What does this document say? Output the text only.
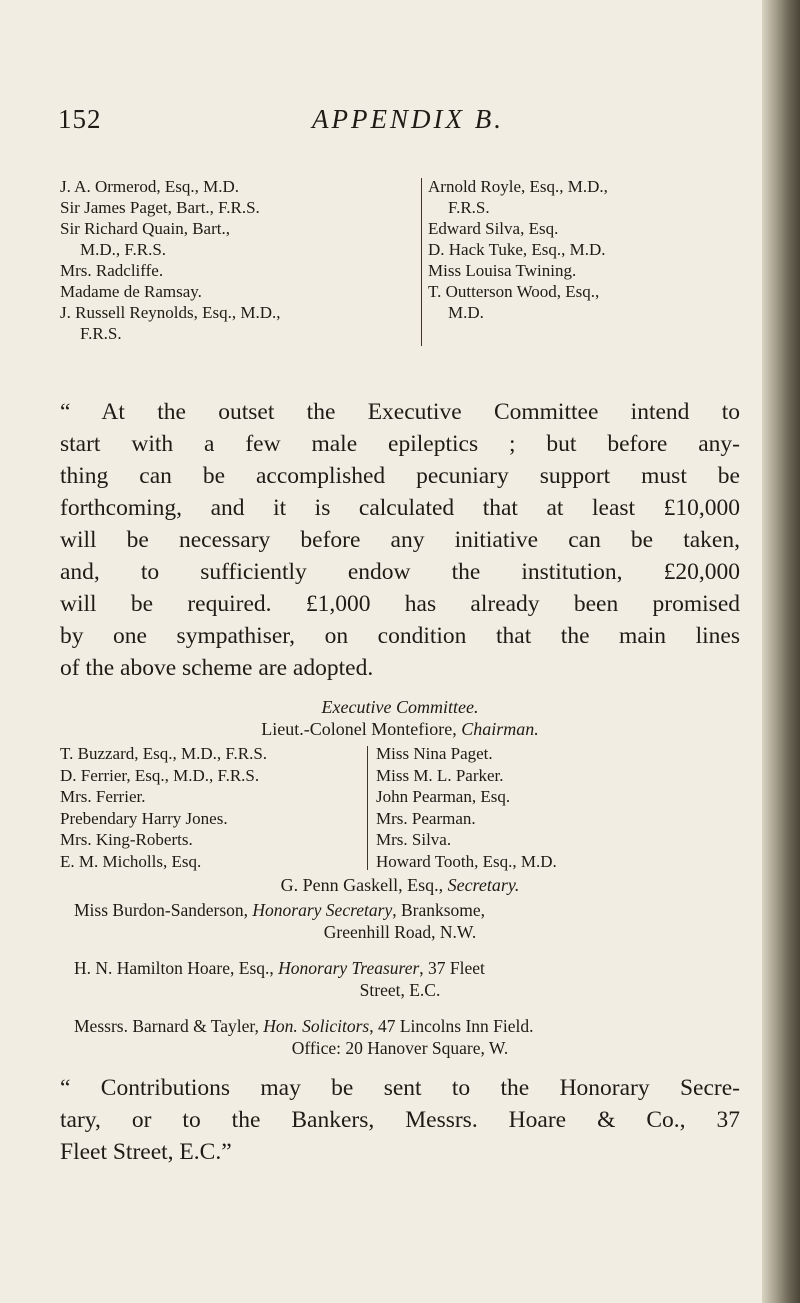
152	APPENDIX B.
J. A. Ormerod, Esq., M.D.
Sir James Paget, Bart., F.R.S.
Sir Richard Quain, Bart.,
M.D., F.R.S.
Mrs. Radcliffe.
Madame de Ramsay.
J. Russell Reynolds, Esq., M.D.,
F.R.S.
Arnold Royle, Esq., M.D.,
F.R.S.
Edward Silva, Esq.
D. Hack Tuke, Esq., M.D.
Miss Louisa Twining.
T. Outterson Wood, Esq.,
M.D.
“ At the outset the Executive Committee intend to
start with a few male epileptics ; but before any-
thing can be accomplished pecuniary support must be
forthcoming, and it is calculated that at least £10,000
will be necessary before any initiative can be taken,
and, to sufficiently endow the institution, £20,000
will be required. £1,000 has already been promised
by one sympathiser, on condition that the main lines
of the above scheme are adopted.
Executive Committee.
Lieut.-Colonel Montefiore, Chairman.
T. Buzzard, Esq., M.D., F.R.S.
D. Ferrier, Esq., M.D., F.R.S.
Mrs. Ferrier.
Prebendary Harry Jones.
Mrs. King-Roberts.
E. M. Micholls, Esq.
Miss Nina Paget.
Miss M. L. Parker.
John Pearman, Esq.
Mrs. Pearman.
Mrs. Silva.
Howard Tooth, Esq., M.D.
G. Penn Gaskell, Esq., Secretary.
Miss Burdon-Sanderson, Honorary Secretary, Branksome,
Greenhill Road, N.W.
H. N. Hamilton Hoare, Esq., Honorary Treasurer, 37 Fleet
Street, E.C.
Messrs. Barnard & Tayler, Hon. Solicitors, 47 Lincolns Inn Field.
Office: 20 Hanover Square, W.
“ Contributions may be sent to the Honorary Secre-
tary, or to the Bankers, Messrs. Hoare & Co., 37
Fleet Street, E.C.”
